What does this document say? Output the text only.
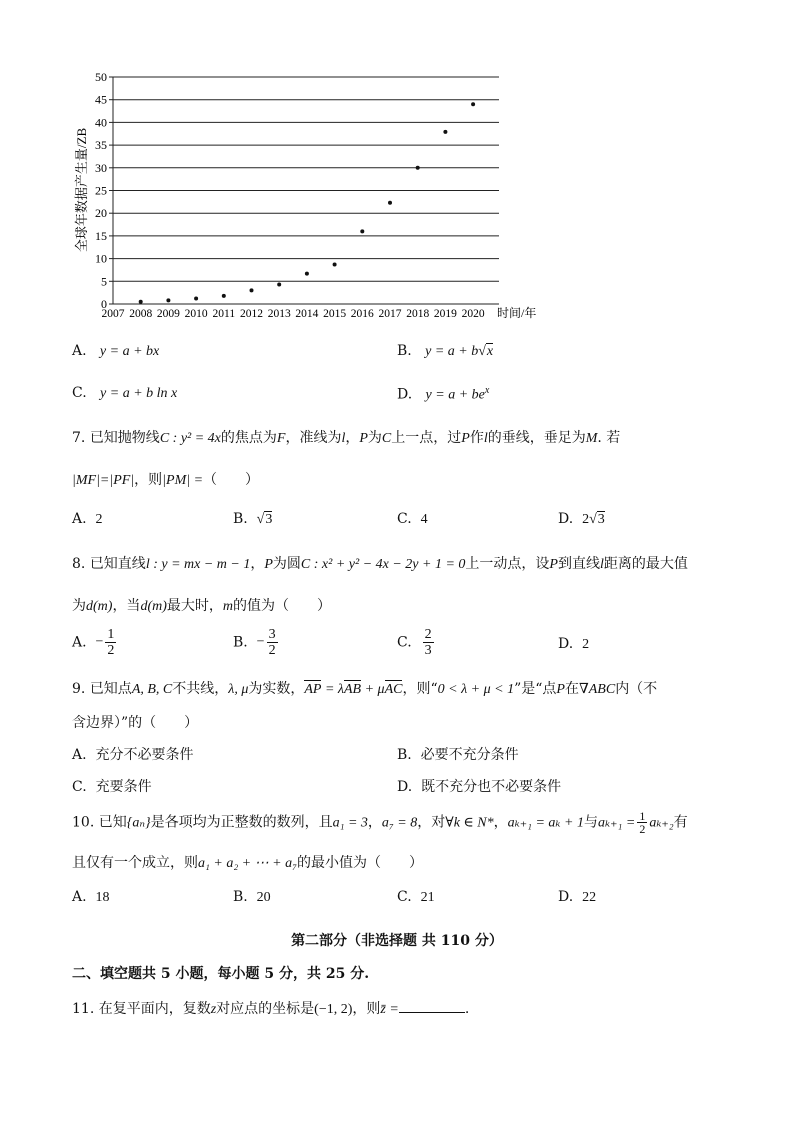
0
5
10
15
20
25
30
35
40
45
50
2007 2008 2009 2010 2011 2012 2013 2014 2015 2016 2017 2018 2019 2020
全球年数据产生量/ZB
时间/年
A. y = a + bx	B. y = a + b√x
C. y = a + b ln x	D. $y = a + be^x$
7. 已知抛物线C : y² = 4x的焦点为F，准线为l，P为C上一点，过P作l的垂线，垂足为M. 若
|MF|=|PF|，则|PM| =（　　）
A. 2	B. √3	C. 4	D. 2√3
8. 已知直线l : y = mx − m − 1，P为圆C : x² + y² − 4x − 2y + 1 = 0上一动点，设P到直线l距离的最大值
为d(m)，当d(m)最大时，m的值为（　　）
A. − $\frac{1}{2}$	B. − $\frac{3}{2}$	C. $\frac{2}{3}$	D. 2
9. 已知点A, B, C不共线，λ, μ为实数，AP = λAB + μAC，则“0 < λ + μ < 1”是“点P在∇ABC内（不
含边界）”的（　　）
A. 充分不必要条件	B. 必要不充分条件
C. 充要条件	D. 既不充分也不必要条件
10. 已知{aₙ}是各项均为正整数的数列，且a₁ = 3，a₇ = 8，对∀k ∈ N*，aₖ₊₁ = aₖ + 1与$a_{k+1} = \frac{1}{2} a_{k+2}$有
且仅有一个成立，则a₁ + a₂ + ⋯ + a₇的最小值为（　　）
A. 18	B. 20	C. 21	D. 22
第二部分（非选择题 共 110 分）
二、填空题共 5 小题，每小题 5 分，共 25 分.
11. 在复平面内，复数z对应点的坐标是(−1, 2)，则z̄ =	.
